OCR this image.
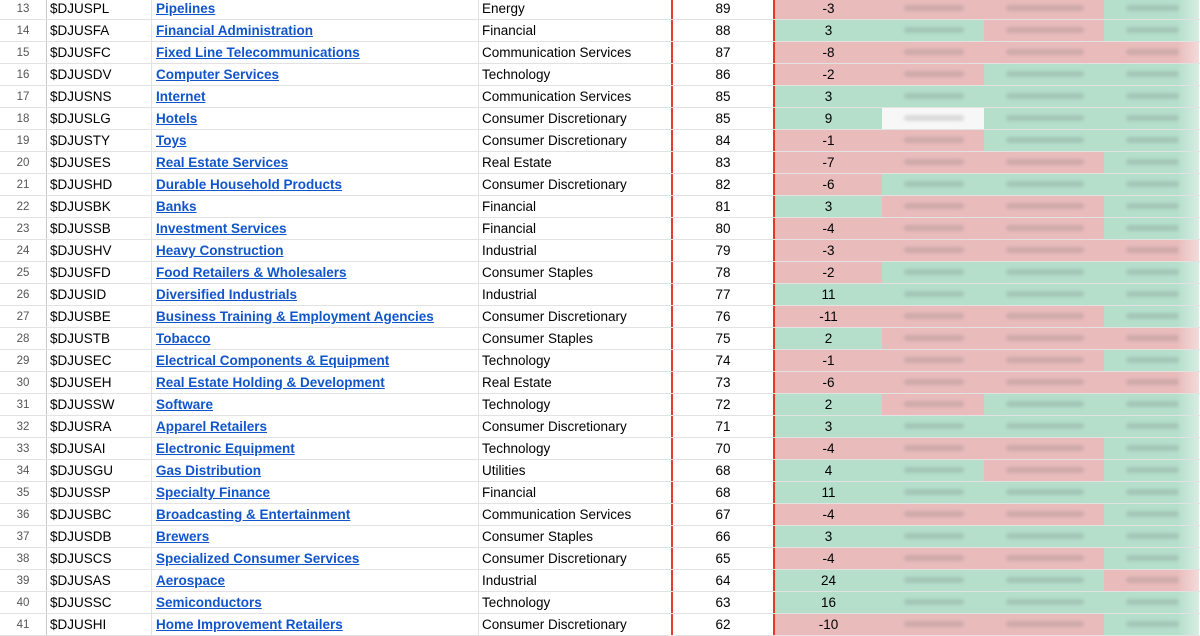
13	$DJUSPL	Pipelines	Energy	89	-3
14	$DJUSFA	Financial Administration	Financial	88	3
15	$DJUSFC	Fixed Line Telecommunications	Communication Services	87	-8
16	$DJUSDV	Computer Services	Technology	86	-2
17	$DJUSNS	Internet	Communication Services	85	3
18	$DJUSLG	Hotels	Consumer Discretionary	85	9
19	$DJUSTY	Toys	Consumer Discretionary	84	-1
20	$DJUSES	Real Estate Services	Real Estate	83	-7
21	$DJUSHD	Durable Household Products	Consumer Discretionary	82	-6
22	$DJUSBK	Banks	Financial	81	3
23	$DJUSSB	Investment Services	Financial	80	-4
24	$DJUSHV	Heavy Construction	Industrial	79	-3
25	$DJUSFD	Food Retailers & Wholesalers	Consumer Staples	78	-2
26	$DJUSID	Diversified Industrials	Industrial	77	11
27	$DJUSBE	Business Training & Employment Agencies	Consumer Discretionary	76	-11
28	$DJUSTB	Tobacco	Consumer Staples	75	2
29	$DJUSEC	Electrical Components & Equipment	Technology	74	-1
30	$DJUSEH	Real Estate Holding & Development	Real Estate	73	-6
31	$DJUSSW	Software	Technology	72	2
32	$DJUSRA	Apparel Retailers	Consumer Discretionary	71	3
33	$DJUSAI	Electronic Equipment	Technology	70	-4
34	$DJUSGU	Gas Distribution	Utilities	68	4
35	$DJUSSP	Specialty Finance	Financial	68	11
36	$DJUSBC	Broadcasting & Entertainment	Communication Services	67	-4
37	$DJUSDB	Brewers	Consumer Staples	66	3
38	$DJUSCS	Specialized Consumer Services	Consumer Discretionary	65	-4
39	$DJUSAS	Aerospace	Industrial	64	24
40	$DJUSSC	Semiconductors	Technology	63	16
41	$DJUSHI	Home Improvement Retailers	Consumer Discretionary	62	-10
